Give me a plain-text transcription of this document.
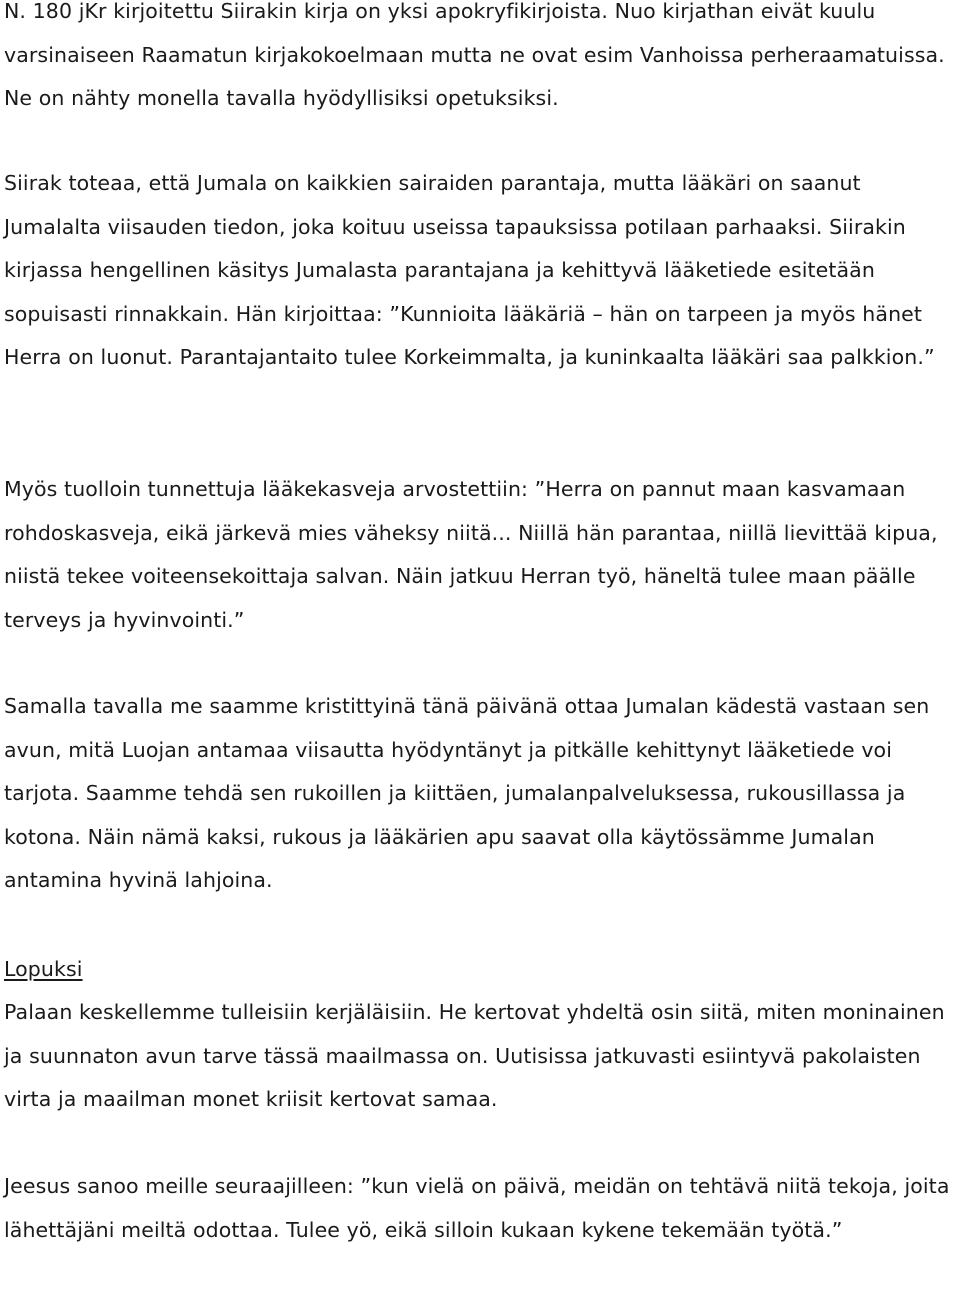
N. 180 jKr kirjoitettu Siirakin kirja on yksi apokryfikirjoista. Nuo kirjathan eivät kuulu varsinaiseen Raamatun kirjakokoelmaan mutta ne ovat esim Vanhoissa perheraamatuissa. Ne on nähty monella tavalla hyödyllisiksi opetuksiksi.

Siirak toteaa, että Jumala on kaikkien sairaiden parantaja, mutta lääkäri on saanut Jumalalta viisauden tiedon, joka koituu useissa tapauksissa potilaan parhaaksi. Siirakin kirjassa hengellinen käsitys Jumalasta parantajana ja kehittyvä lääketiede esitetään sopuisasti rinnakkain. Hän kirjoittaa: ”Kunnioita lääkäriä – hän on tarpeen ja myös hänet Herra on luonut. Parantajantaito tulee Korkeimmalta, ja kuninkaalta lääkäri saa palkkion.”

Myös tuolloin tunnettuja lääkekasveja arvostettiin: ”Herra on pannut maan kasvamaan rohdoskasveja, eikä järkevä mies väheksy niitä... Niillä hän parantaa, niillä lievittää kipua, niistä tekee voiteensekoittaja salvan. Näin jatkuu Herran työ, häneltä tulee maan päälle terveys ja hyvinvointi.”

Samalla tavalla me saamme kristittyinä tänä päivänä ottaa Jumalan kädestä vastaan sen avun, mitä Luojan antamaa viisautta hyödyntänyt ja pitkälle kehittynyt lääketiede voi tarjota. Saamme tehdä sen rukoillen ja kiittäen, jumalanpalveluksessa, rukousillassa ja kotona. Näin nämä kaksi, rukous ja lääkärien apu saavat olla käytössämme Jumalan antamina hyvinä lahjoina.

Lopuksi

Palaan keskellemme tulleisiin kerjäläisiin. He kertovat yhdeltä osin siitä, miten moninainen ja suunnaton avun tarve tässä maailmassa on. Uutisissa jatkuvasti esiintyvä pakolaisten virta ja maailman monet kriisit kertovat samaa.

Jeesus sanoo meille seuraajilleen: ”kun vielä on päivä, meidän on tehtävä niitä tekoja, joita lähettäjäni meiltä odottaa. Tulee yö, eikä silloin kukaan kykene tekemään työtä.”
